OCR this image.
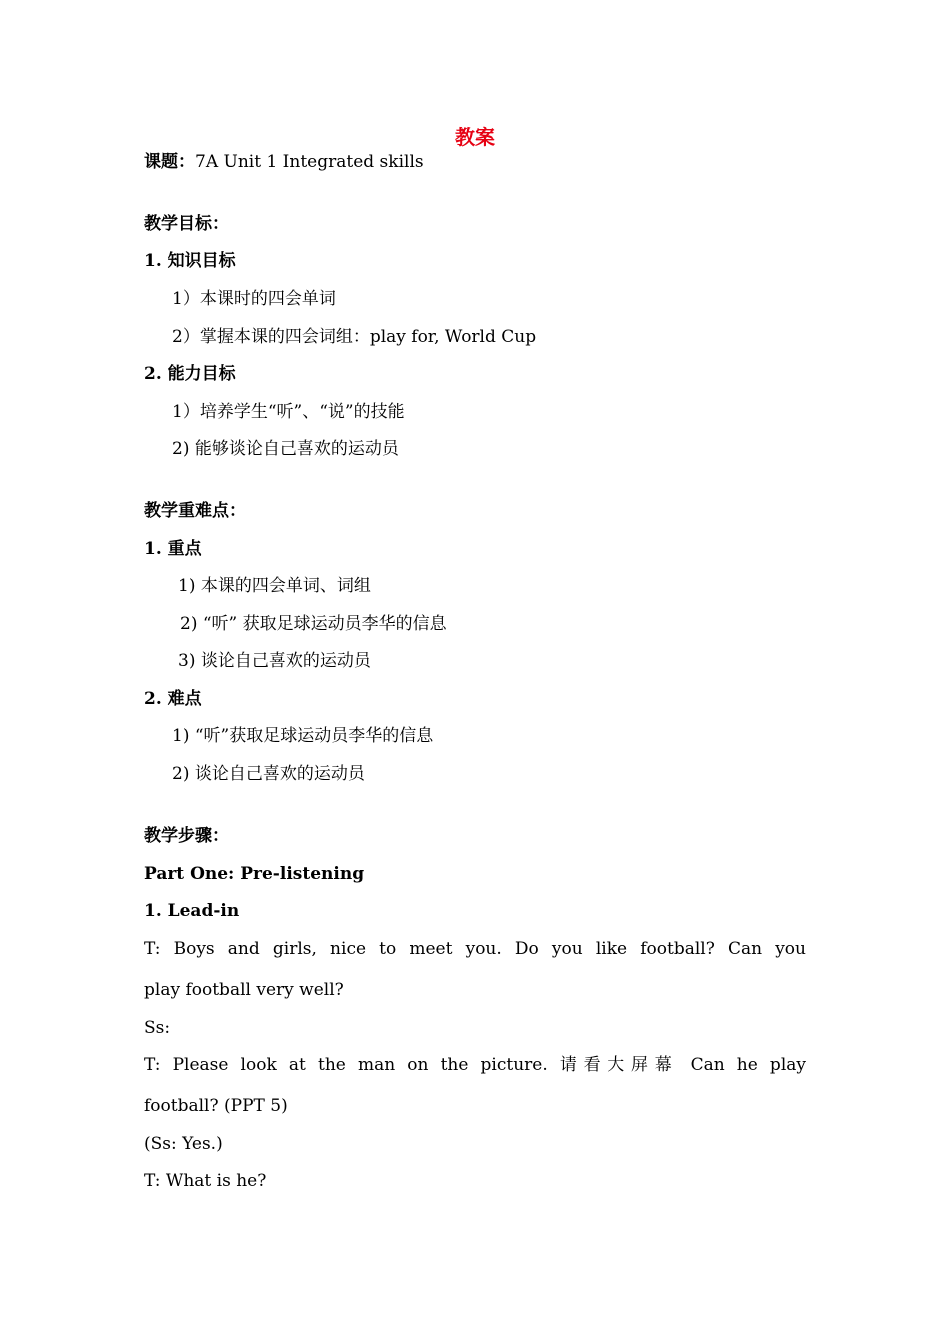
教案
课题：7A Unit 1 Integrated skills
教学目标：
1. 知识目标
1）本课时的四会单词
2）掌握本课的四会词组：play for, World Cup
2. 能力目标
1）培养学生“听”、“说”的技能
2) 能够谈论自己喜欢的运动员
教学重难点：
1. 重点
1) 本课的四会单词、词组
2) “听” 获取足球运动员李华的信息
3) 谈论自己喜欢的运动员
2. 难点
1) “听”获取足球运动员李华的信息
2) 谈论自己喜欢的运动员
教学步骤：
Part One: Pre-listening
1. Lead-in
T: Boys and girls, nice to meet you. Do you like football? Can you
play football very well?
Ss:
T: Please look at the man on the picture. 请看大屏幕 Can he play
football? (PPT 5)
(Ss: Yes.)
T: What is he?
